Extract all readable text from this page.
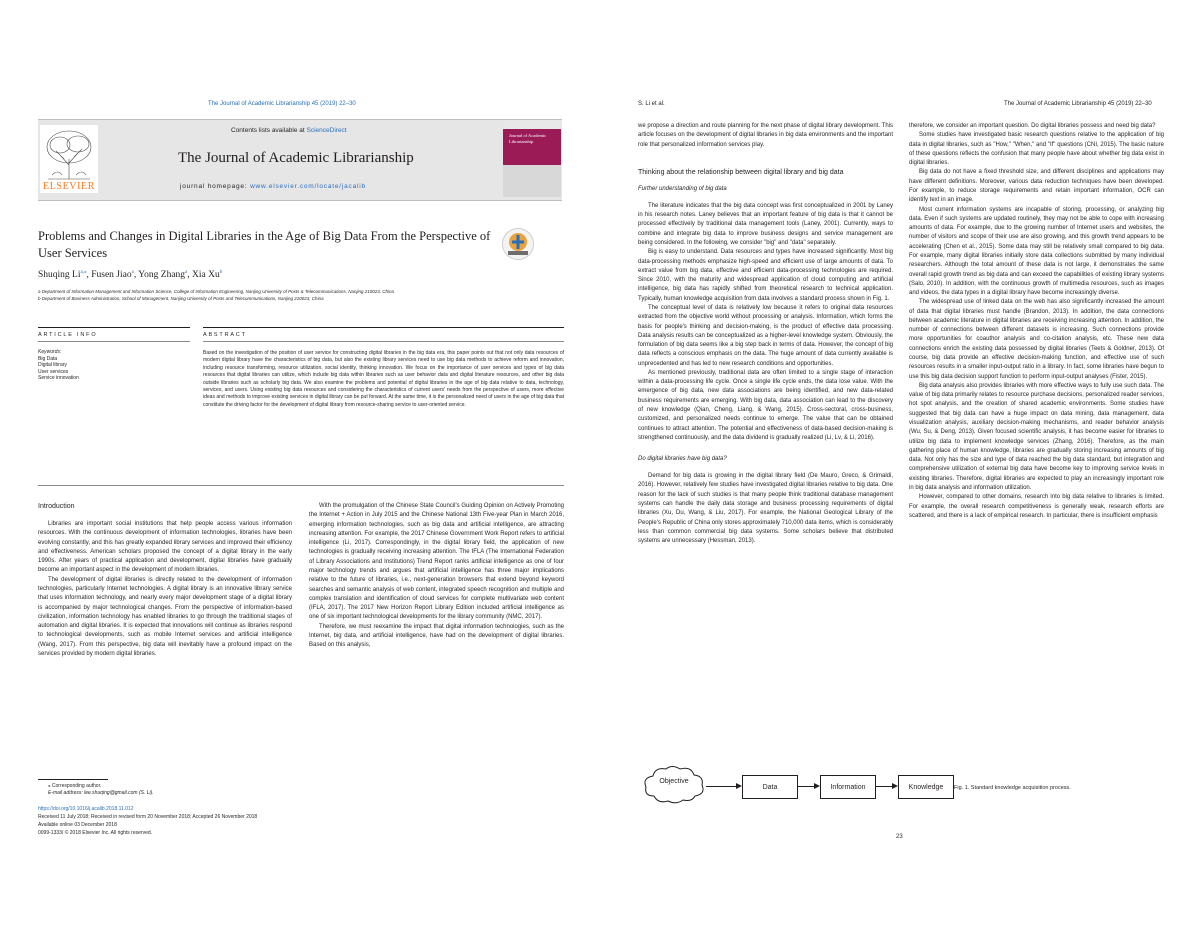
The Journal of Academic Librarianship 45 (2019) 22–30
ELSEVIER
Contents lists available at ScienceDirect
The Journal of Academic Librarianship
journal homepage: www.elsevier.com/locate/jacalib
Journal of Academic Librarianship
Problems and Changes in Digital Libraries in the Age of Big Data From the Perspective of User Services
Shuqing $Li^{a,⁎}$, Fusen Jiao$^a$, Yong Zhang$^a$, Xia Xu$^b$
a Department of Information Management and Information Science, College of Information Engineering, Nanjing University of Posts & Telecommunications, Nanjing 210023, China
b Department of Business Administration, School of Management, Nanjing University of Posts and Telecommunications, Nanjing 210023, China
ARTICLE INFO	ABSTRACT
Keywords:
Big Data
Digital library
User services
Service innovation
Based on the investigation of the position of user service for constructing digital libraries in the big data era, this paper points out that not only data resources of modern digital library have the characteristics of big data, but also the existing library services need to use big data methods to achieve reform and innovation, including resource transforming, resource utilization, social identity, thinking innovation. We focus on the importance of user services and types of big data resources that digital libraries can utilize, which include big data within libraries such as user behavior data and digital literature resources, and other big data outside libraries such as scholarly big data. We also examine the problems and potential of digital libraries in the age of big data relative to data, technology, services, and users. Using existing big data resources and considering the characteristics of current users' needs from the perspective of users, more effective ideas and methods to improve existing services in digital library can be put forward. At the same time, it is the personalized need of users in the age of big data that constitute the driving factor for the development of digital library from resource-sharing service to user-oriented service.
Introduction

Libraries are important social institutions that help people access various information resources. With the continuous development of information technologies, libraries have been evolving constantly, and this has greatly expanded library services and improved their efficiency and effectiveness. American scholars proposed the concept of a digital library in the early 1990s. After years of practical application and development, digital libraries have gradually become an important aspect in the development of modern libraries.

The development of digital libraries is directly related to the development of information technologies, particularly Internet technologies. A digital library is an innovative library service that uses information technology, and nearly every major development stage of a digital library is accompanied by major technological changes. From the perspective of information-based civilization, information technology has enabled libraries to go through the traditional stages of automation and digital libraries. It is expected that innovations will continue as libraries respond to technological developments, such as mobile Internet services and artificial intelligence (Wang, 2017). From this perspective, big data will inevitably have a profound impact on the services provided by modern digital libraries.

With the promulgation of the Chinese State Council's Guiding Opinion on Actively Promoting the Internet + Action in July 2015 and the Chinese National 13th Five-year Plan in March 2016, emerging information technologies, such as big data and artificial intelligence, are attracting increasing attention. For example, the 2017 Chinese Government Work Report refers to artificial intelligence (Li, 2017). Correspondingly, in the digital library field, the application of new technologies is gradually receiving increasing attention. The IFLA (The International Federation of Library Associations and Institutions) Trend Report ranks artificial intelligence as one of four major technology trends and argues that artificial intelligence has three major implications relative to the future of libraries, i.e., next-generation browsers that extend beyond keyword searches and semantic analysis of web content, integrated speech recognition and multiple and complex translation and identification of cloud services for complete multivariate web content (IFLA, 2017). The 2017 New Horizon Report Library Edition included artificial intelligence as one of six important technological developments for the library community (NMC, 2017).

Therefore, we must reexamine the impact that digital information technologies, such as the Internet, big data, and artificial intelligence, have had on the development of digital libraries. Based on this analysis,

⁎ Corresponding author.
E-mail address: lee.shuqing@gmail.com (S. Li).
https://doi.org/10.1016/j.acalib.2018.11.012
Received 11 July 2018; Received in revised form 20 November 2018; Accepted 26 November 2018
Available online 03 December 2018
0099-1333/ © 2018 Elsevier Inc. All rights reserved.
S. Li et al.	The Journal of Academic Librarianship 45 (2019) 22–30

we propose a direction and route planning for the next phase of digital library development. This article focuses on the development of digital libraries in big data environments and the important role that personalized information services play.

Thinking about the relationship between digital library and big data
Further understanding of big data

The literature indicates that the big data concept was first conceptualized in 2001 by Laney in his research notes. Laney believes that an important feature of big data is that it cannot be processed effectively by traditional data management tools (Laney, 2001). Currently, ways to combine and integrate big data to improve business designs and service management are being considered. In the following, we consider "big" and "data" separately.

Big is easy to understand. Data resources and types have increased significantly. Most big data-processing methods emphasize high-speed and efficient use of large amounts of data. To extract value from big data, effective and efficient data-processing technologies are required. Since 2010, with the maturity and widespread application of cloud computing and artificial intelligence, big data has rapidly shifted from theoretical research to technical application. Typically, human knowledge acquisition from data involves a standard process shown in Fig. 1.

The conceptual level of data is relatively low because it refers to original data resources extracted from the objective world without processing or analysis. Information, which forms the basis for people's thinking and decision-making, is the product of effective data processing. Data analysis results can be conceptualized as a higher-level knowledge system. Obviously, the formulation of big data seems like a big step back in terms of data. However, the concept of big data reflects a conscious emphasis on the data. The huge amount of data currently available is unprecedented and has led to new research conditions and opportunities.

As mentioned previously, traditional data are often limited to a single stage of interaction within a data-processing life cycle. Once a single life cycle ends, the data lose value. With the emergence of big data, new data associations are being identified, and new data-related business requirements are emerging. With big data, data association can lead to the discovery of new knowledge (Qian, Cheng, Liang, & Wang, 2015). Cross-sectoral, cross-business, customized, and personalized needs continue to emerge. The value that can be obtained continues to attract attention. The potential and effectiveness of data-based decision-making is strengthened continuously, and the data dividend is gradually realized (Li, Lv, & Li, 2016).

Do digital libraries have big data?

Demand for big data is growing in the digital library field (De Mauro, Greco, & Grimaldi, 2016). However, relatively few studies have investigated digital libraries relative to big data. One reason for the lack of such studies is that many people think traditional database management systems can handle the daily data storage and business processing requirements of digital libraries (Xu, Du, Wang, & Liu, 2017). For example, the National Geological Library of the People's Republic of China only stores approximately 710,000 data items, which is considerably less than common commercial big data systems. Some scholars believe that distributed systems are unnecessary (Hessman, 2013).

therefore, we consider an important question. Do digital libraries possess and need big data?

Some studies have investigated basic research questions relative to the application of big data in digital libraries, such as "How," "When," and "If" questions (CNI, 2015). The basic nature of these questions reflects the confusion that many people have about whether big data exist in digital libraries.

Big data do not have a fixed threshold size, and different disciplines and applications may have different definitions. Moreover, various data reduction techniques have been developed. For example, to reduce storage requirements and retain important information, OCR can identify text in an image.

Most current information systems are incapable of storing, processing, or analyzing big data. Even if such systems are updated routinely, they may not be able to cope with increasing amounts of data. For example, due to the growing number of Internet users and websites, the number of visitors and scope of their use are also growing, and this growth trend appears to be accelerating (Chen et al., 2015). Some data may still be relatively small compared to big data. For example, many digital libraries initially store data collections submitted by many individual researchers. Although the total amount of these data is not large, it demonstrates the same overall rapid growth trend as big data and can exceed the capabilities of existing library systems (Salo, 2010). In addition, with the continuous growth of multimedia resources, such as images and videos, the data types in a digital library have become increasingly diverse.

The widespread use of linked data on the web has also significantly increased the amount of data that digital libraries must handle (Brandon, 2013). In addition, the data connections between academic literature in digital libraries are receiving increasing attention. In addition, the number of connections between different datasets is increasing. Such connections provide more opportunities for coauthor analysis and co-citation analysis, etc. These new data connections enrich the existing data possessed by digital libraries (Teets & Goldner, 2013). Of course, big data provide an effective decision-making function, and effective use of such resources results in a smaller input-output ratio in a library. In fact, some libraries have begun to use this big data decision support function to perform input-output analyses (Fister, 2015).

Big data analysis also provides libraries with more effective ways to fully use such data. The value of big data primarily relates to resource purchase decisions, personalized reader services, hot spot analysis, and the creation of shared academic environments. Some studies have suggested that big data can have a huge impact on data mining, data management, data visualization analysis, auxiliary decision-making mechanisms, and reader behavior analysis (Wu, Su, & Deng, 2013). Given focused scientific analysis, it has become easier for libraries to utilize big data to implement knowledge services (Zhang, 2016). Therefore, as the main gathering place of human knowledge, libraries are gradually storing increasing amounts of big data. Not only has the size and type of data reached the big data standard, but integration and comprehensive utilization of external big data have become key to improving service levels in existing libraries. Therefore, digital libraries are expected to play an increasingly important role in big data analysis and information utilization.

However, compared to other domains, research into big data relative to libraries is limited. For example, the overall research competitiveness is generally weak, research efforts are scattered, and there is a lack of empirical research. In particular, there is insufficient emphasis

Fig. 1. Standard knowledge acquisition process.
Objective
Data	Information	Knowledge
23
